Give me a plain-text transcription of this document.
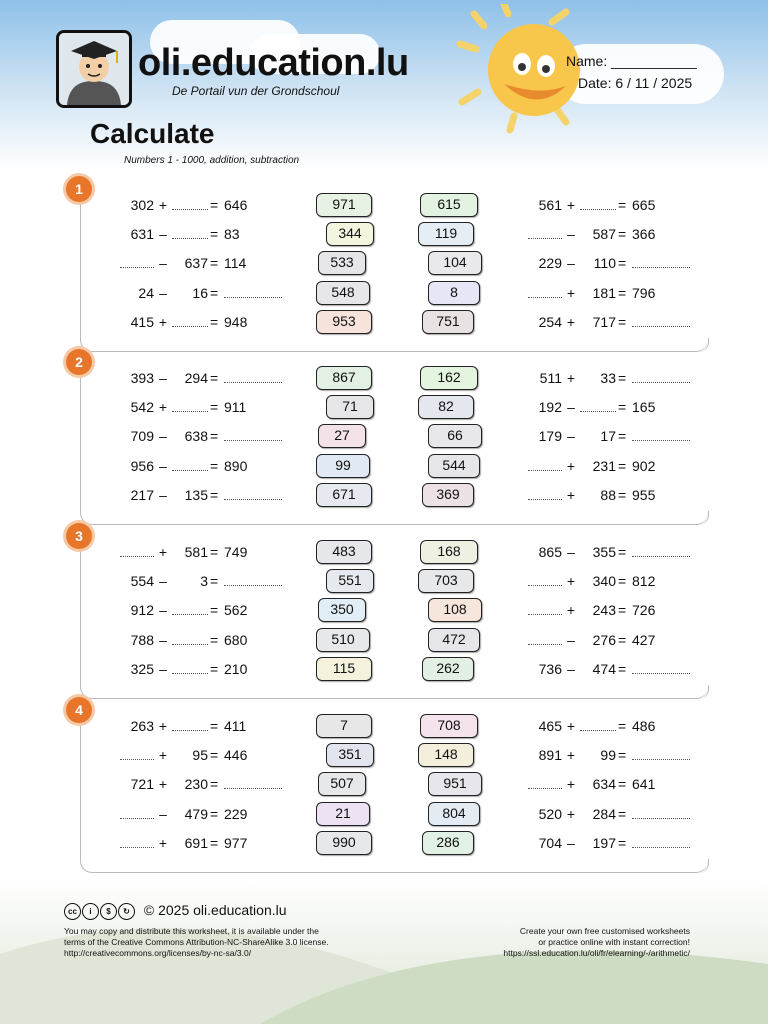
oli.education.lu
De Portail vun der Grondschoul
Name: ___________
Date: 6 / 11 / 2025
Calculate
Numbers 1 - 1000, addition, subtraction
1
302 +	= 646	561 +	= 665
971	615
631 –	= 83	–	587 = 366
344	119
–	637 = 114	229 –	110 =
533	104
24 –	16 =	+	181 = 796
548	8
415 +	= 948	254 +	717 =
953	751
2
393 –	294 =	511 +	33 =
867	162
542 +	= 911	192 –	= 165
71	82
709 –	638 =	179 –	17 =
27	66
956 –	= 890	+	231 = 902
99	544
217 –	135 =	+	88 = 955
671	369
3
+	581 = 749	865 –	355 =
483	168
554 –	3 =	+	340 = 812
551	703
912 –	= 562	+	243 = 726
350	108
788 –	= 680	–	276 = 427
510	472
325 –	= 210	736 –	474 =
115	262
4
263 +	= 411	465 +	= 486
7	708
+	95 = 446	891 +	99 =
351	148
721 +	230 =	+	634 = 641
507	951
–	479 = 229	520 +	284 =
21	804
+	691 = 977	704 –	197 =
990	286
cc i $ ↻ © 2025 oli.education.lu
You may copy and distribute this worksheet, it is available under the
terms of the Creative Commons Attribution-NC-ShareAlike 3.0 license.
http://creativecommons.org/licenses/by-nc-sa/3.0/
Create your own free customised worksheets
or practice online with instant correction!
https://ssl.education.lu/oli/fr/elearning/-/arithmetic/
